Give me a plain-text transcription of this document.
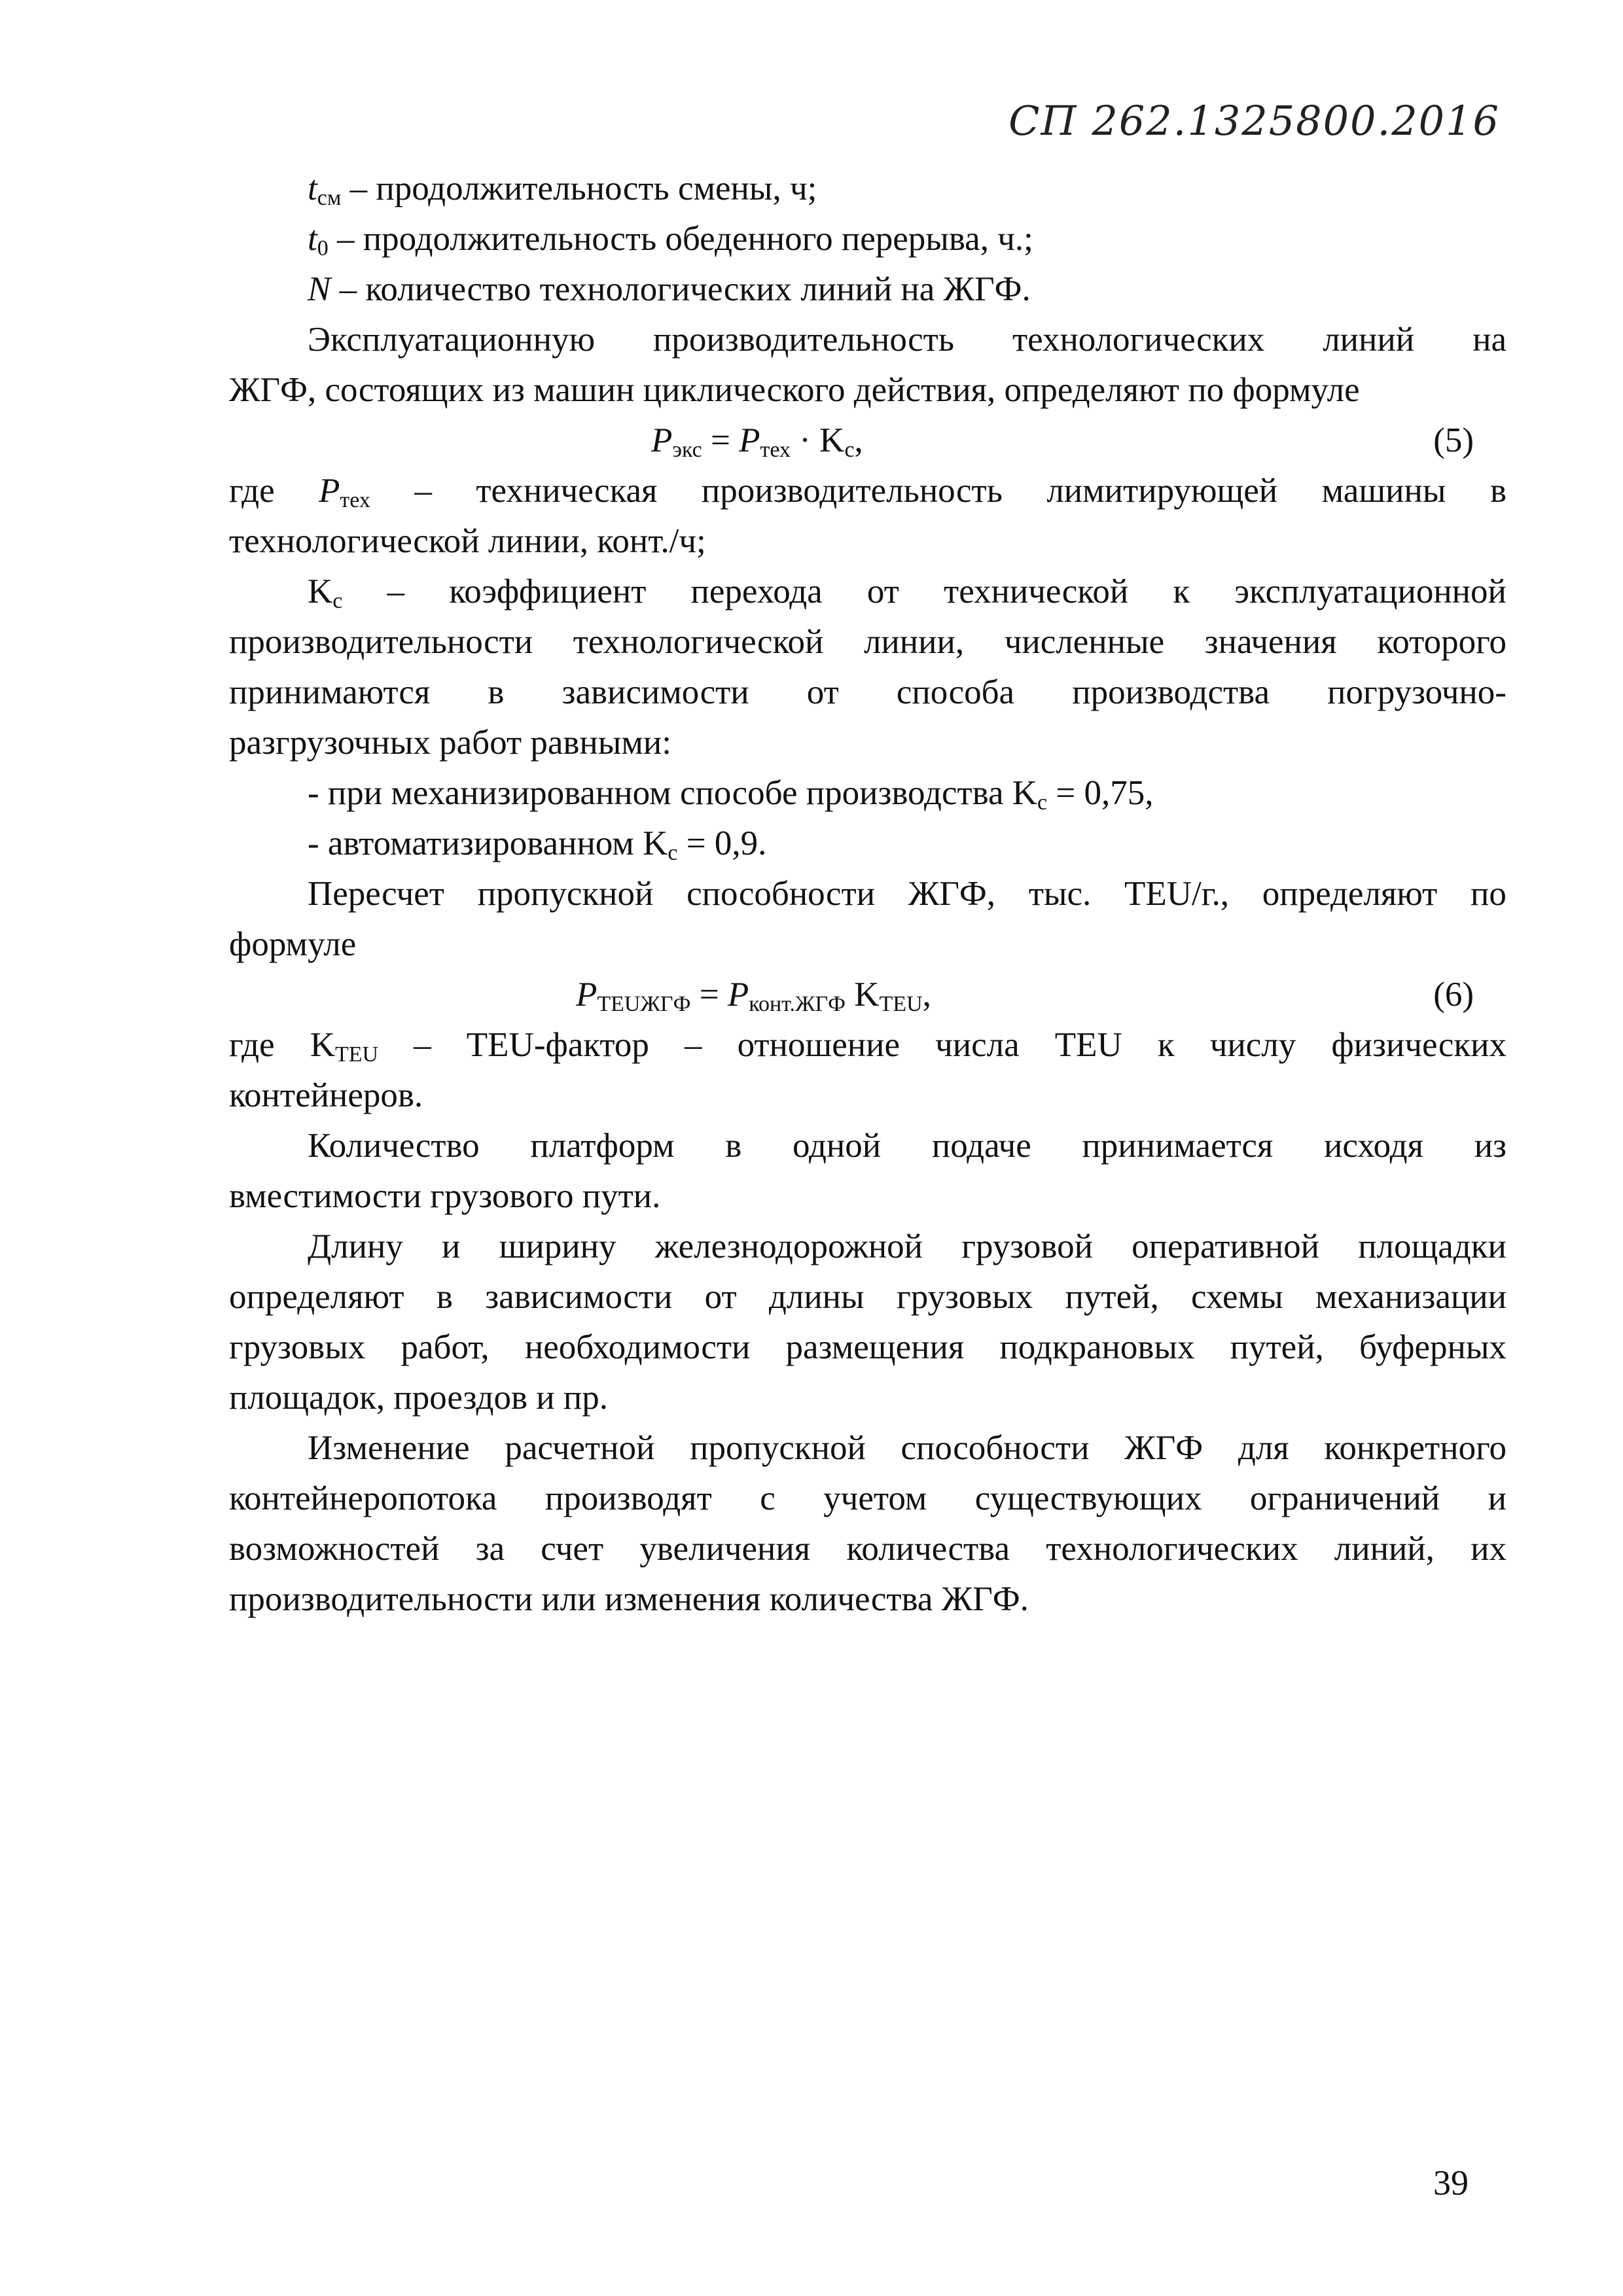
СП 262.1325800.2016
$t_{см}$ – продолжительность смены, ч;
$t_0$ – продолжительность обеденного перерыва, ч.;
N – количество технологических линий на ЖГФ.
Эксплуатационную производительность технологических линий на
ЖГФ, состоящих из машин циклического действия, определяют по формуле
$P_{экс} = P_{тех} \cdot K_с$,	(5)
где $P_{тех}$ – техническая производительность лимитирующей машины в
технологической линии, конт./ч;
$K_с$ – коэффициент перехода от технической к эксплуатационной
производительности технологической линии, численные значения которого
принимаются в зависимости от способа производства погрузочно-
разгрузочных работ равными:
- при механизированном способе производства $K_с = 0,75$,
- автоматизированном $K_с = 0,9$.
Пересчет пропускной способности ЖГФ, тыс. TEU/г., определяют по
формуле
$P_{TEUЖГФ} = P_{конт.ЖГФ}$ $K_{TEU}$,	(6)
где $K_{TEU}$ – TEU-фактор – отношение числа TEU к числу физических
контейнеров.
Количество платформ в одной подаче принимается исходя из
вместимости грузового пути.
Длину и ширину железнодорожной грузовой оперативной площадки
определяют в зависимости от длины грузовых путей, схемы механизации
грузовых работ, необходимости размещения подкрановых путей, буферных
площадок, проездов и пр.
Изменение расчетной пропускной способности ЖГФ для конкретного
контейнеропотока производят с учетом существующих ограничений и
возможностей за счет увеличения количества технологических линий, их
производительности или изменения количества ЖГФ.
39
